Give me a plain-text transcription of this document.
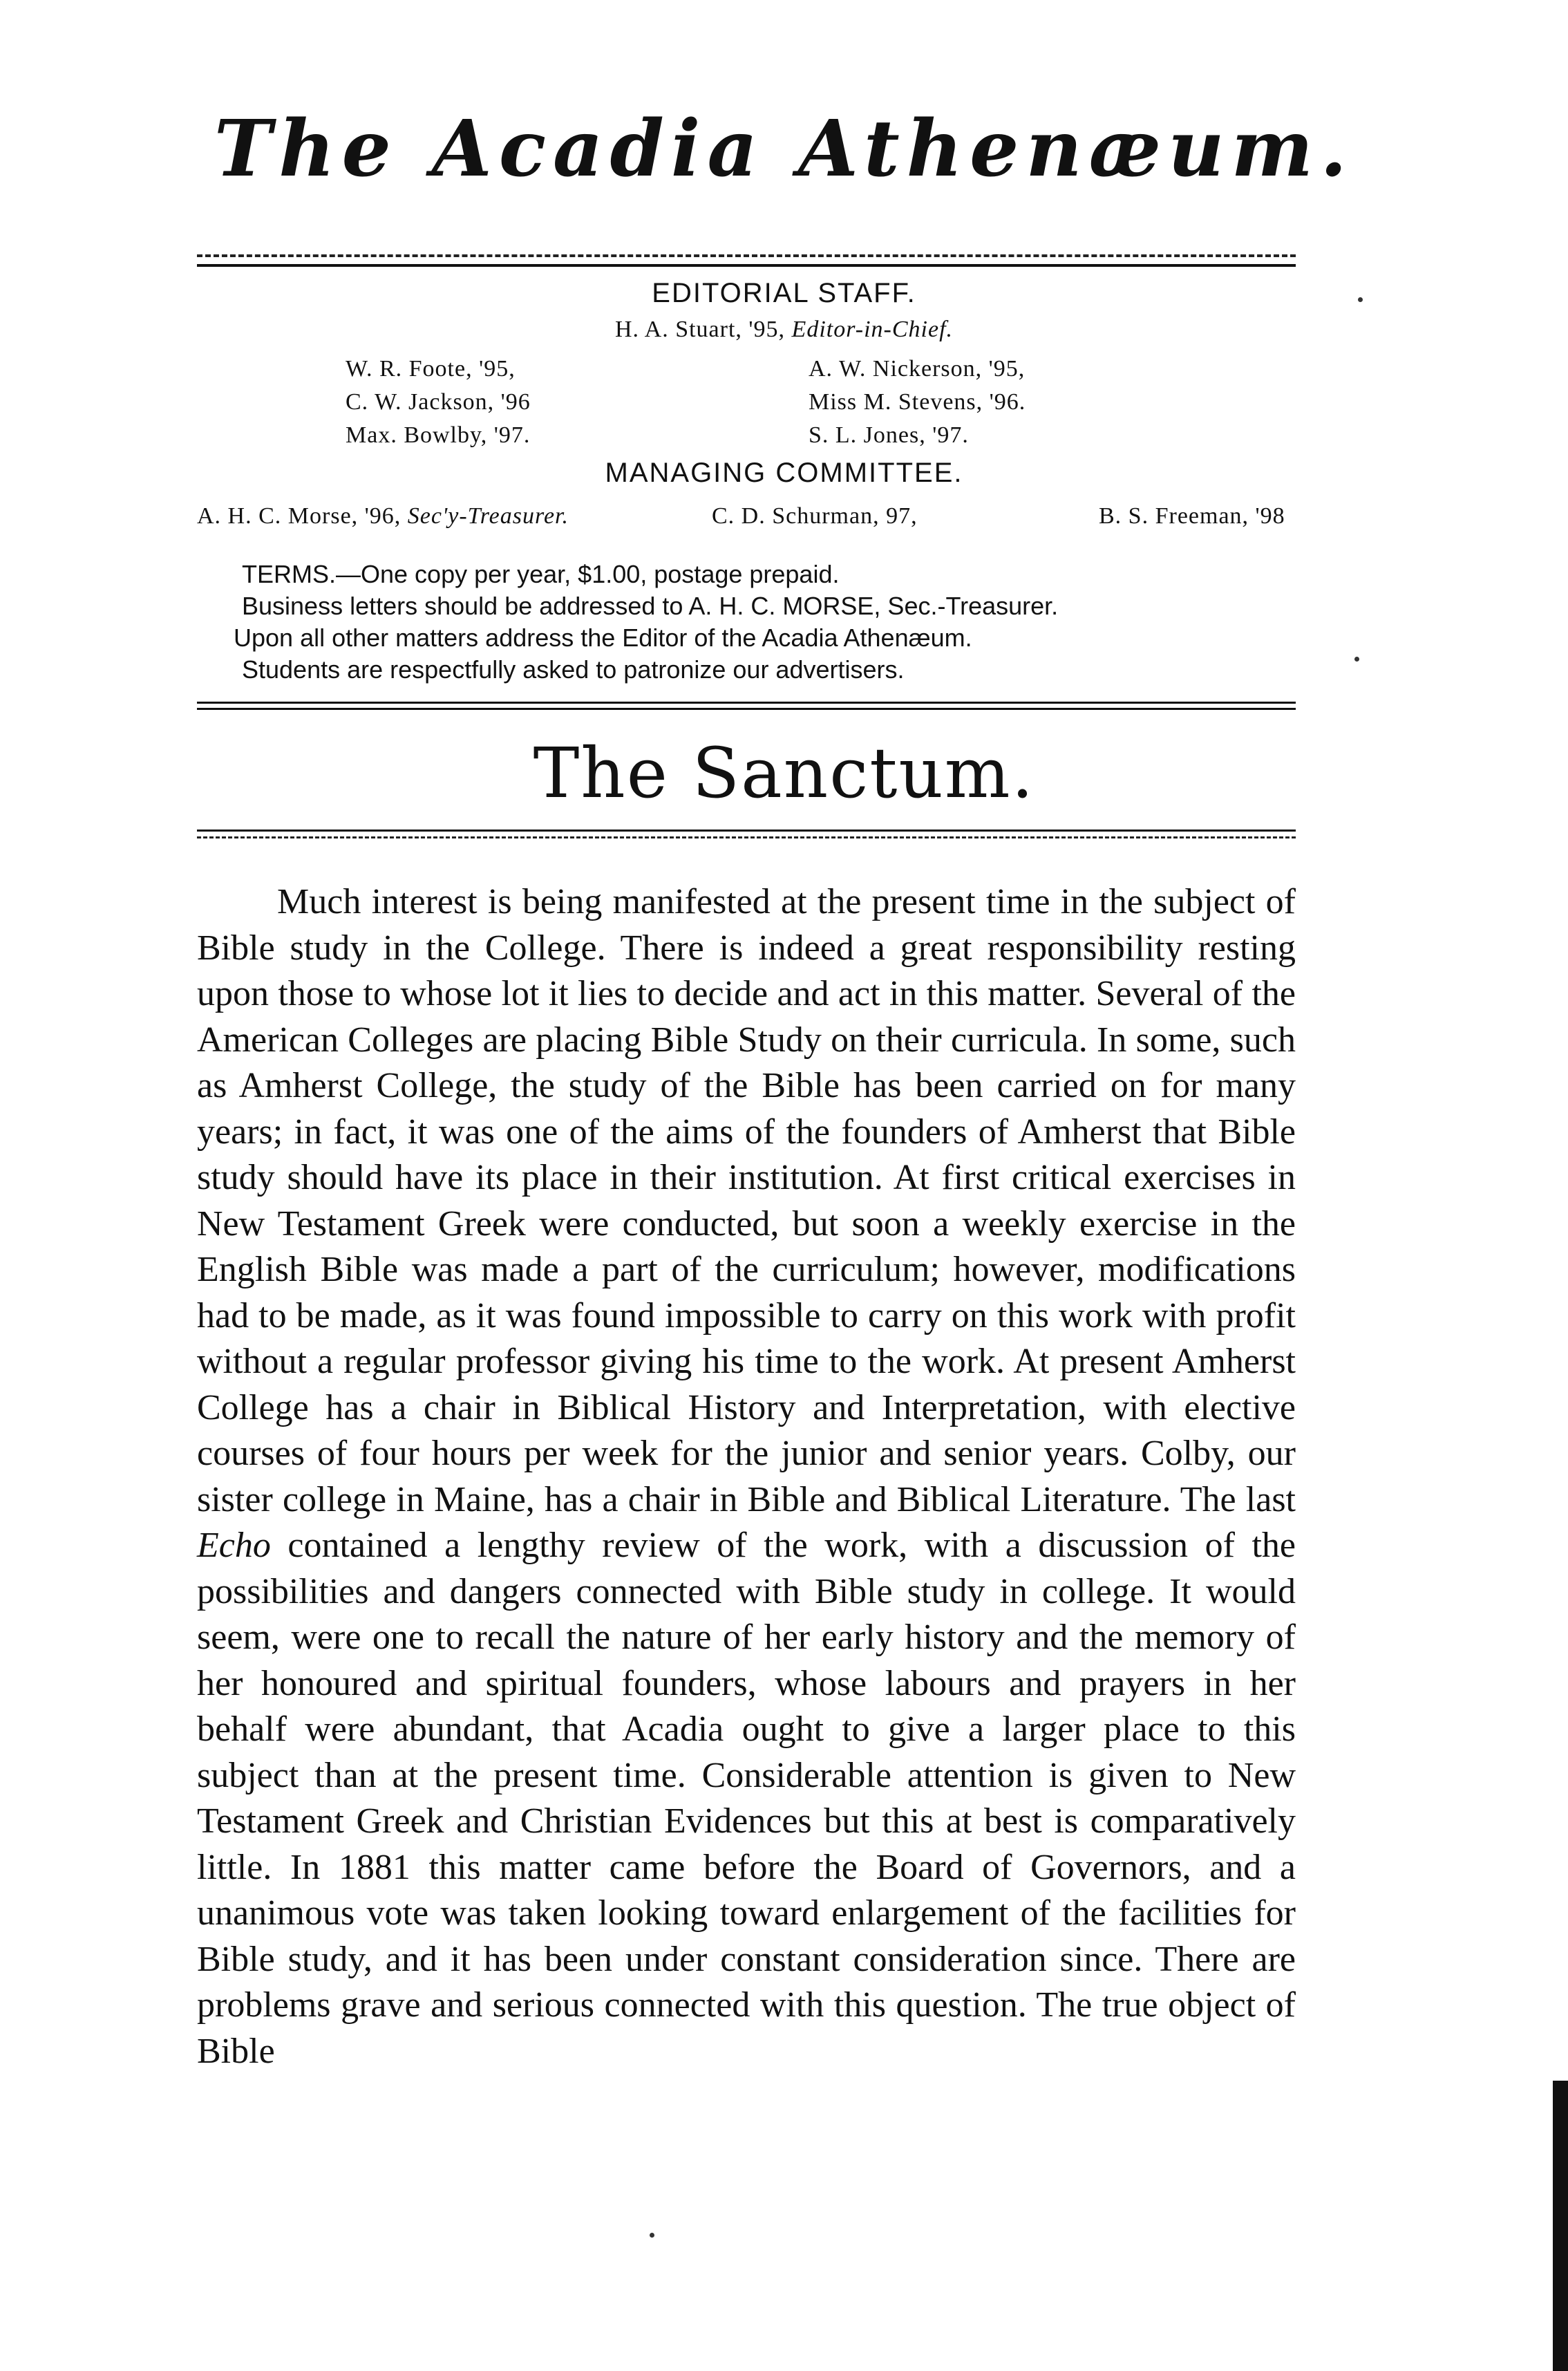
The Acadia Athenæum.
EDITORIAL STAFF.
H. A. Stuart, '95, Editor-in-Chief.
W. R. Foote, '95,
C. W. Jackson, '96
Max. Bowlby, '97.
A. W. Nickerson, '95,
Miss M. Stevens, '96.
S. L. Jones, '97.
MANAGING COMMITTEE.
A. H. C. Morse, '96, Sec'y-Treasurer.	C. D. Schurman, 97,	B. S. Freeman, '98
TERMS.—One copy per year, $1.00, postage prepaid.
Business letters should be addressed to A. H. C. MORSE, Sec.-Treasurer.
Upon all other matters address the Editor of the Acadia Athenæum.
Students are respectfully asked to patronize our advertisers.
The Sanctum.

Much interest is being manifested at the present time in the subject of Bible study in the College. There is indeed a great responsibility resting upon those to whose lot it lies to decide and act in this matter. Several of the American Colleges are placing Bible Study on their curricula. In some, such as Amherst College, the study of the Bible has been carried on for many years; in fact, it was one of the aims of the founders of Amherst that Bible study should have its place in their institution. At first critical exercises in New Testament Greek were conducted, but soon a weekly exercise in the English Bible was made a part of the curriculum; however, modifications had to be made, as it was found impossible to carry on this work with profit without a regular professor giving his time to the work. At present Amherst College has a chair in Biblical History and Interpretation, with elective courses of four hours per week for the junior and senior years. Colby, our sister college in Maine, has a chair in Bible and Biblical Literature. The last Echo contained a lengthy review of the work, with a discussion of the possibilities and dangers connected with Bible study in college. It would seem, were one to recall the nature of her early history and the memory of her honoured and spiritual founders, whose labours and prayers in her behalf were abundant, that Acadia ought to give a larger place to this subject than at the present time. Considerable attention is given to New Testament Greek and Christian Evidences but this at best is comparatively little. In 1881 this matter came before the Board of Governors, and a unanimous vote was taken looking toward enlargement of the facilities for Bible study, and it has been under constant consideration since. There are problems grave and serious connected with this question. The true object of Bible
